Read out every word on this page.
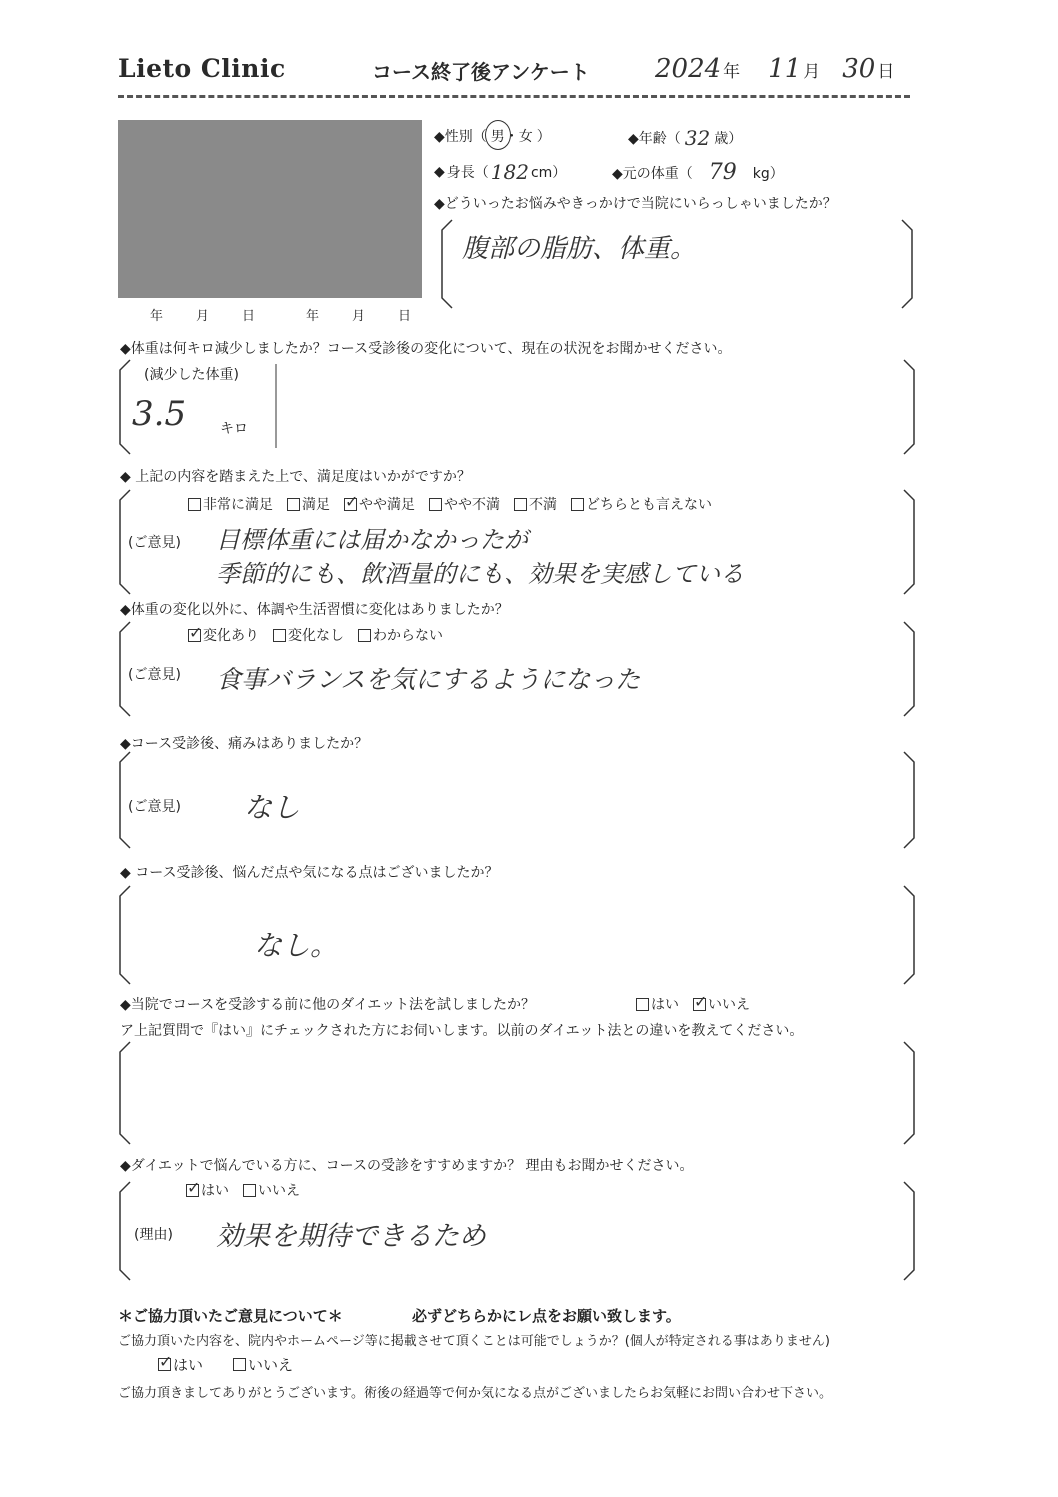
Lieto Clinic	コース終了後アンケート	2024 年 11 月 30 日
年　月　日	年　月　日
◆性別（ 男・女 ）	◆年齢（ 32 歳）
◆ 身長（ 182 cm）	◆元の体重（ 79 kg）
◆どういったお悩みやきっかけで当院にいらっしゃいましたか？
腹部の脂肪、体重。
◆体重は何キロ減少しましたか？コース受診後の変化について、現在の状況をお聞かせください。
(減少した体重)
3.5 キロ
◆ 上記の内容を踏まえた上で、満足度はいかがですか？
非常に満足 満足 ✓ やや満足 やや不満 不満 どちらとも言えない
(ご意見) 目標体重には届かなかったが
季節的にも、飲酒量的にも、効果を実感している
◆体重の変化以外に、体調や生活習慣に変化はありましたか？
✓
変化あり 変化なし わからない
(ご意見) 食事バランスを気にするようになった
◆コース受診後、痛みはありましたか？
(ご意見) なし
◆ コース受診後、悩んだ点や気になる点はございましたか？
なし。
◆当院でコースを受診する前に他のダイエット法を試しましたか？	はい ✓ いいえ
ア上記質問で『はい』にチェックされた方にお伺いします。以前のダイエット法との違いを教えてください。
◆ダイエットで悩んでいる方に、コースの受診をすすめますか？ 理由もお聞かせください。
✓
はい いいえ
(理由) 効果を期待できるため
＊ご協力頂いたご意見について＊	必ずどちらかにレ点をお願い致します。
ご協力頂いた内容を、院内やホームページ等に掲載させて頂くことは可能でしょうか？(個人が特定される事はありません)
✓
はい	いいえ
ご協力頂きましてありがとうございます。術後の経過等で何か気になる点がございましたらお気軽にお問い合わせ下さい。
